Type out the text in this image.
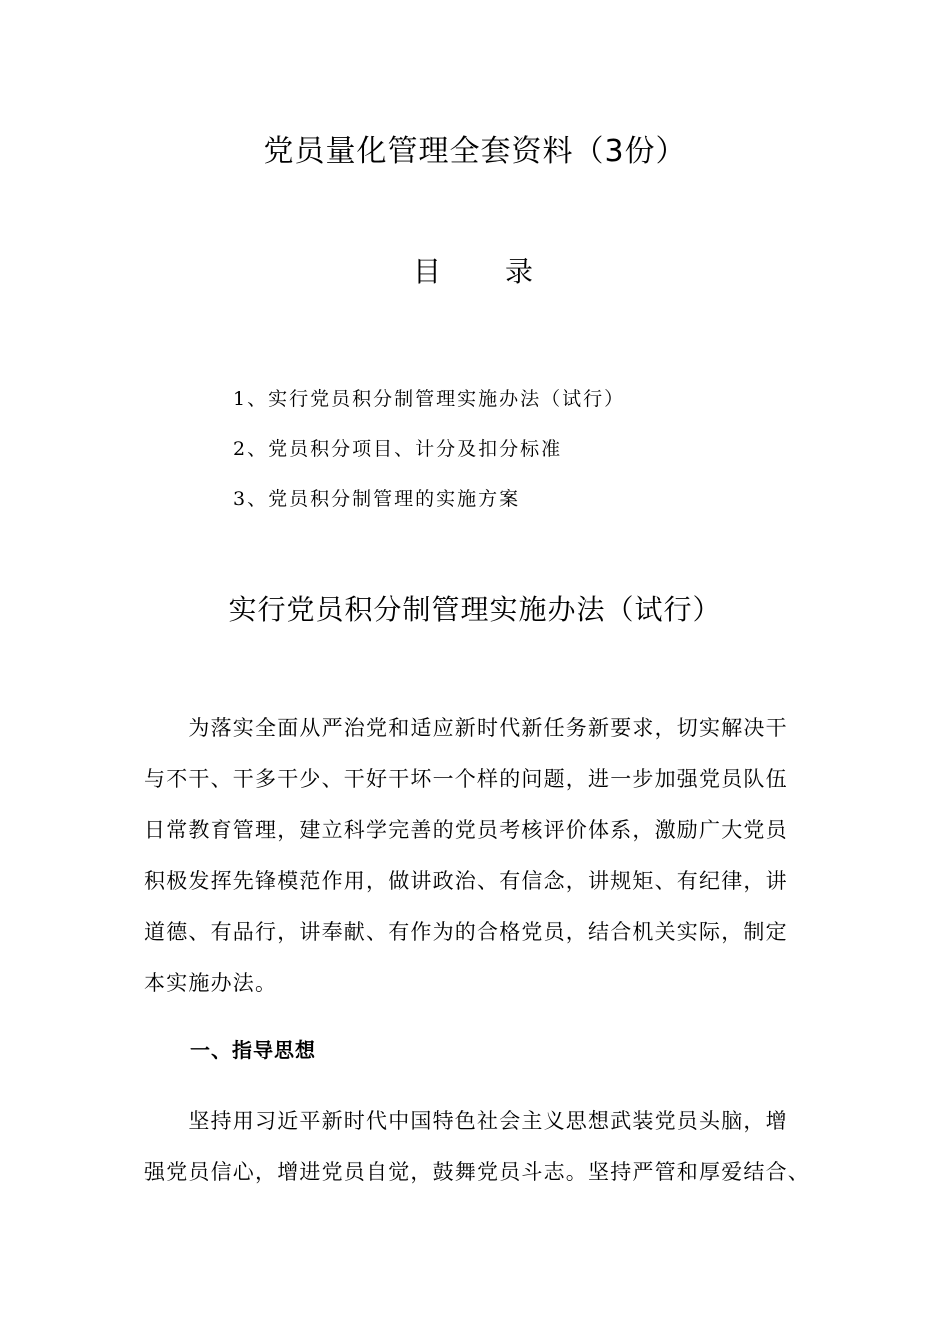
党员量化管理全套资料（3份）
目 录
1、实行党员积分制管理实施办法（试行）
2、党员积分项目、计分及扣分标准
3、党员积分制管理的实施方案
实行党员积分制管理实施办法（试行）

　　为落实全面从严治党和适应新时代新任务新要求，切实解决干
与不干、干多干少、干好干坏一个样的问题，进一步加强党员队伍
日常教育管理，建立科学完善的党员考核评价体系，激励广大党员
积极发挥先锋模范作用，做讲政治、有信念，讲规矩、有纪律，讲
道德、有品行，讲奉献、有作为的合格党员，结合机关实际，制定
本实施办法。

一、指导思想

　　坚持用习近平新时代中国特色社会主义思想武装党员头脑，增
强党员信心，增进党员自觉，鼓舞党员斗志。坚持严管和厚爱结合、
